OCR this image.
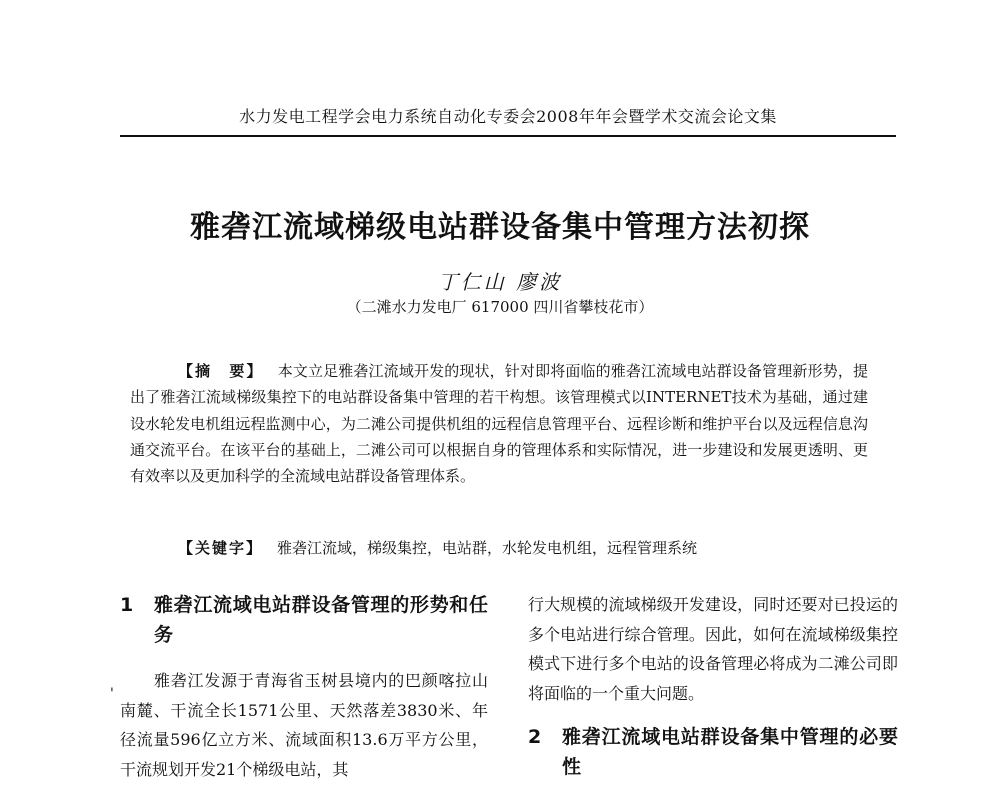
水力发电工程学会电力系统自动化专委会2008年年会暨学术交流会论文集
雅砻江流域梯级电站群设备集中管理方法初探
丁仁山 廖波
（二滩水力发电厂 617000 四川省攀枝花市）
【摘　要】 本文立足雅砻江流域开发的现状，针对即将面临的雅砻江流域电站群设备管理新形势，提出了雅砻江流域梯级集控下的电站群设备集中管理的若干构想。该管理模式以INTERNET技术为基础，通过建设水轮发电机组远程监测中心，为二滩公司提供机组的远程信息管理平台、远程诊断和维护平台以及远程信息沟通交流平台。在该平台的基础上，二滩公司可以根据自身的管理体系和实际情况，进一步建设和发展更透明、更有效率以及更加科学的全流域电站群设备管理体系。
【关键字】 雅砻江流域，梯级集控，电站群，水轮发电机组，远程管理系统
'
1	雅砻江流域电站群设备管理的形势和任务

雅砻江发源于青海省玉树县境内的巴颜喀拉山南麓、干流全长1571公里、天然落差3830米、年径流量596亿立方米、流域面积13.6万平方公里，干流规划开发21个梯级电站，其

行大规模的流域梯级开发建设，同时还要对已投运的多个电站进行综合管理。因此，如何在流域梯级集控模式下进行多个电站的设备管理必将成为二滩公司即将面临的一个重大问题。

2	雅砻江流域电站群设备集中管理的必要性
